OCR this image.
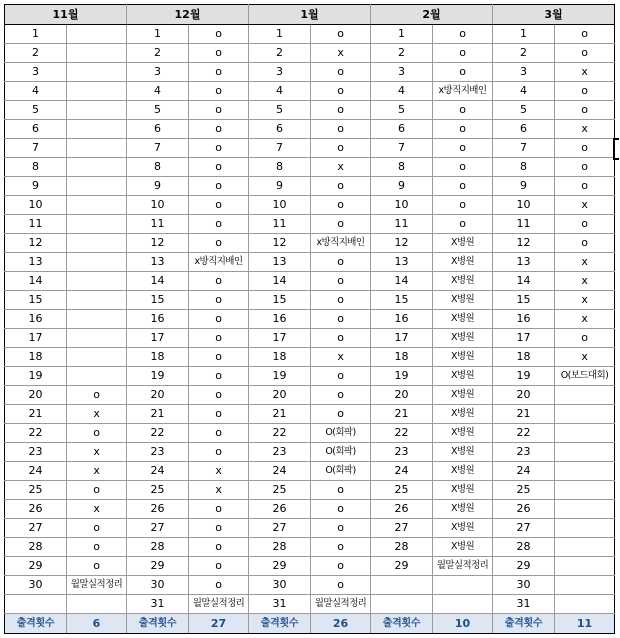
11월		12월		1월		2월		3월	
1		1	o	1	o	1	o	1	o
2		2	o	2	x	2	o	2	o
3		3	o	3	o	3	o	3	x
4		4	o	4	o	4	x방직지배인	4	o
5		5	o	5	o	5	o	5	o
6		6	o	6	o	6	o	6	x
7		7	o	7	o	7	o	7	o
8		8	o	8	x	8	o	8	o
9		9	o	9	o	9	o	9	o
10		10	o	10	o	10	o	10	x
11		11	o	11	o	11	o	11	o
12		12	o	12	x방직지배인	12	X병원	12	o
13		13	x방직지배인	13	o	13	X병원	13	x
14		14	o	14	o	14	X병원	14	x
15		15	o	15	o	15	X병원	15	x
16		16	o	16	o	16	X병원	16	x
17		17	o	17	o	17	X병원	17	o
18		18	o	18	x	18	X병원	18	x
19		19	o	19	o	19	X병원	19	O(보드대회)
20	o	20	o	20	o	20	X병원	20	
21	x	21	o	21	o	21	X병원	21	
22	o	22	o	22	O(회팍)	22	X병원	22	
23	x	23	o	23	O(회팍)	23	X병원	23	
24	x	24	x	24	O(회팍)	24	X병원	24	
25	o	25	x	25	o	25	X병원	25	
26	x	26	o	26	o	26	X병원	26	
27	o	27	o	27	o	27	X병원	27	
28	o	28	o	28	o	28	X병원	28	
29	o	29	o	29	o	29	월말실적정리	29	
30	월말실적정리	30	o	30	o			30	
		31	월말실적정리	31	월말실적정리			31	
출격횟수	6	출격횟수	27	출격횟수	26	출격횟수	10	출격횟수	11
